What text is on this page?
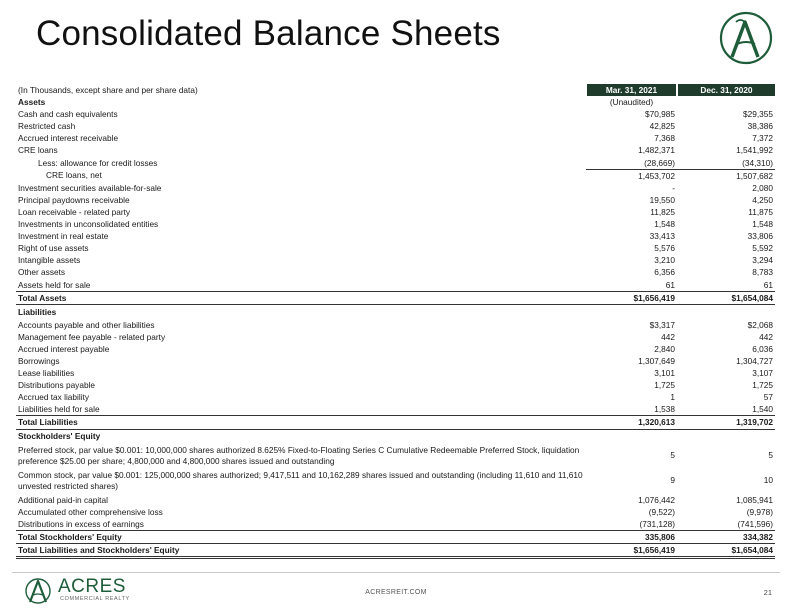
Consolidated Balance Sheets
(In Thousands, except share and per share data)	Mar. 31, 2021	Dec. 31, 2020
Assets	(Unaudited)	
Cash and cash equivalents	$70,985	$29,355
Restricted cash	42,825	38,386
Accrued interest receivable	7,368	7,372
CRE loans	1,482,371	1,541,992
Less: allowance for credit losses	(28,669)	(34,310)
CRE loans, net	1,453,702	1,507,682
Investment securities available-for-sale	-	2,080
Principal paydowns receivable	19,550	4,250
Loan receivable - related party	11,825	11,875
Investments in unconsolidated entities	1,548	1,548
Investment in real estate	33,413	33,806
Right of use assets	5,576	5,592
Intangible assets	3,210	3,294
Other assets	6,356	8,783
Assets held for sale	61	61
Total Assets	$1,656,419	$1,654,084
Liabilities		
Accounts payable and other liabilities	$3,317	$2,068
Management fee payable - related party	442	442
Accrued interest payable	2,840	6,036
Borrowings	1,307,649	1,304,727
Lease liabilities	3,101	3,107
Distributions payable	1,725	1,725
Accrued tax liability	1	57
Liabilities held for sale	1,538	1,540
Total Liabilities	1,320,613	1,319,702
Stockholders' Equity		
Preferred stock, par value $0.001: 10,000,000 shares authorized 8.625% Fixed-to-Floating Series C Cumulative Redeemable Preferred Stock, liquidation preference $25.00 per share; 4,800,000 and 4,800,000 shares issued and outstanding	5	5
Common stock, par value $0.001: 125,000,000 shares authorized; 9,417,511 and 10,162,289 shares issued and outstanding (including 11,610 and 11,610 unvested restricted shares)	9	10
Additional paid-in capital	1,076,442	1,085,941
Accumulated other comprehensive loss	(9,522)	(9,978)
Distributions in excess of earnings	(731,128)	(741,596)
Total Stockholders' Equity	335,806	334,382
Total Liabilities and Stockholders' Equity	$1,656,419	$1,654,084
ACRES
COMMERCIAL REALTY
ACRESREIT.COM	21
